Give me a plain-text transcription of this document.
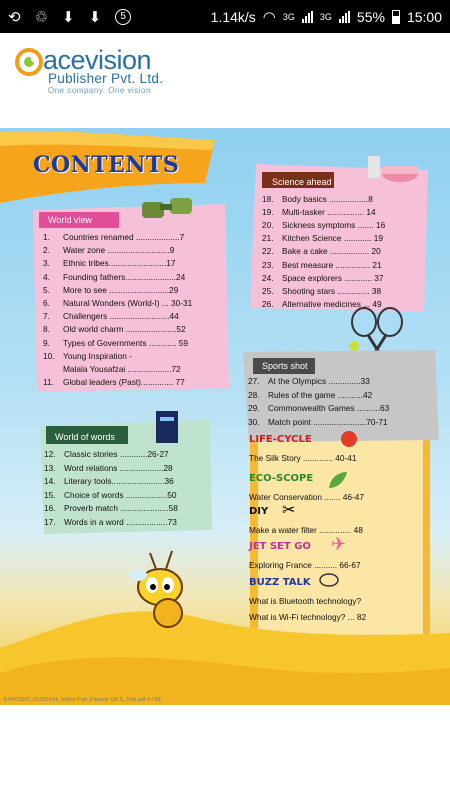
⟲ ♲ ⬇ ⬇	5	1.14k/s ◠ 3G	3G 55% 15:00
acevision
Publisher Pvt. Ltd.
One company. One vision
CONTENTS
World view
1. Countries renamed ...................7
2. Water zone ...........................9
3. Ethnic tribes.........................17
4. Founding fathers......................24
5. More to see ..........................29
6. Natural Wonders (World-I) ... 30-31
7. Challengers ..........................44
8. Old world charm ......................52
9. Types of Governments ............ 59
10. Young Inspiration -
Malala Yousafzai ...................72
11. Global leaders (Past).............. 77
Science ahead
18. Body basics .................8
19. Multi-tasker ................ 14
20. Sickness symptoms ....... 16
21. Kitchen Science ............ 19
22. Bake a cake ................. 20
23. Best measure ............... 21
24. Space explorers ............ 37
25. Shooting stars .............. 38
26. Alternative medicines ... 49
Sports shot
27. At the Olympics ..............33
28. Rules of the game ...........42
29. Commonwealth Games ..........63
30. Match point .......................70-71
World of words
12. Classic stories ............26-27
13. Word relations ...................28
14. Literary tools.......................36
15. Choice of words ..................50
16. Proverb match .....................58
17. Words in a word ..................73
LIFE-CYCLE
The Silk Story ............. 40-41
ECO-SCOPE
Water Conservation ....... 46-47
DIY ✂
Make a water filter .............. 48
JET SET GO ✈
Exploring France .......... 66-67
BUZZ TALK
What is Bluetooth technology?
What is Wi-Fi technology? ... 82
EXPOSRT_51091424_Vision Pub_Pioneer GK 5_Text.pdf 4 / 88
